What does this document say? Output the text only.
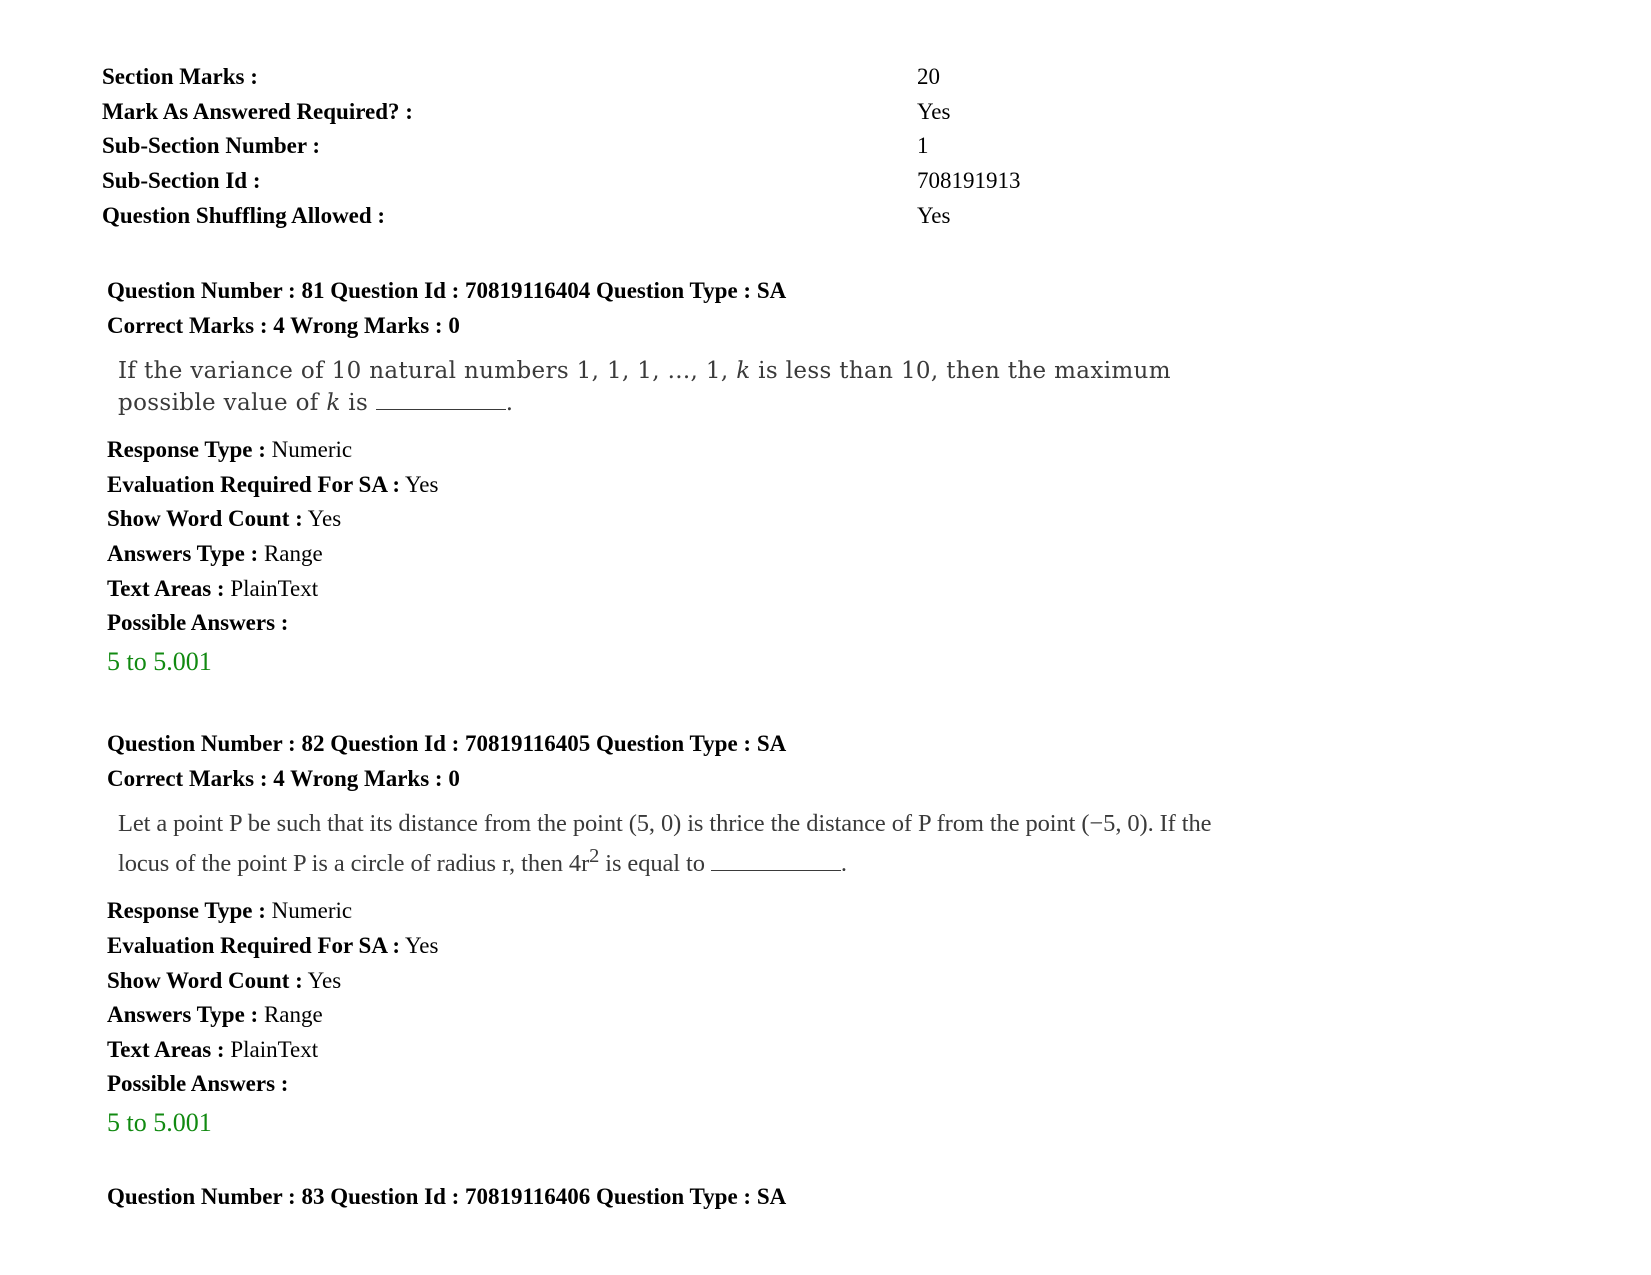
Section Marks :	20
Mark As Answered Required? :	Yes
Sub-Section Number :	1
Sub-Section Id :	708191913
Question Shuffling Allowed :	Yes
Question Number : 81 Question Id : 70819116404 Question Type : SA
Correct Marks : 4 Wrong Marks : 0
If the variance of 10 natural numbers 1, 1, 1, ..., 1, k is less than 10, then the maximum possible value of k is	.
Response Type : Numeric
Evaluation Required For SA : Yes
Show Word Count : Yes
Answers Type : Range
Text Areas : PlainText
Possible Answers :
5 to 5.001
Question Number : 82 Question Id : 70819116405 Question Type : SA
Correct Marks : 4 Wrong Marks : 0
Let a point P be such that its distance from the point (5, 0) is thrice the distance of P from the point (−5, 0). If the locus of the point P is a circle of radius r, then $4r^2$ is equal to	.
Response Type : Numeric
Evaluation Required For SA : Yes
Show Word Count : Yes
Answers Type : Range
Text Areas : PlainText
Possible Answers :
5 to 5.001
Question Number : 83 Question Id : 70819116406 Question Type : SA
